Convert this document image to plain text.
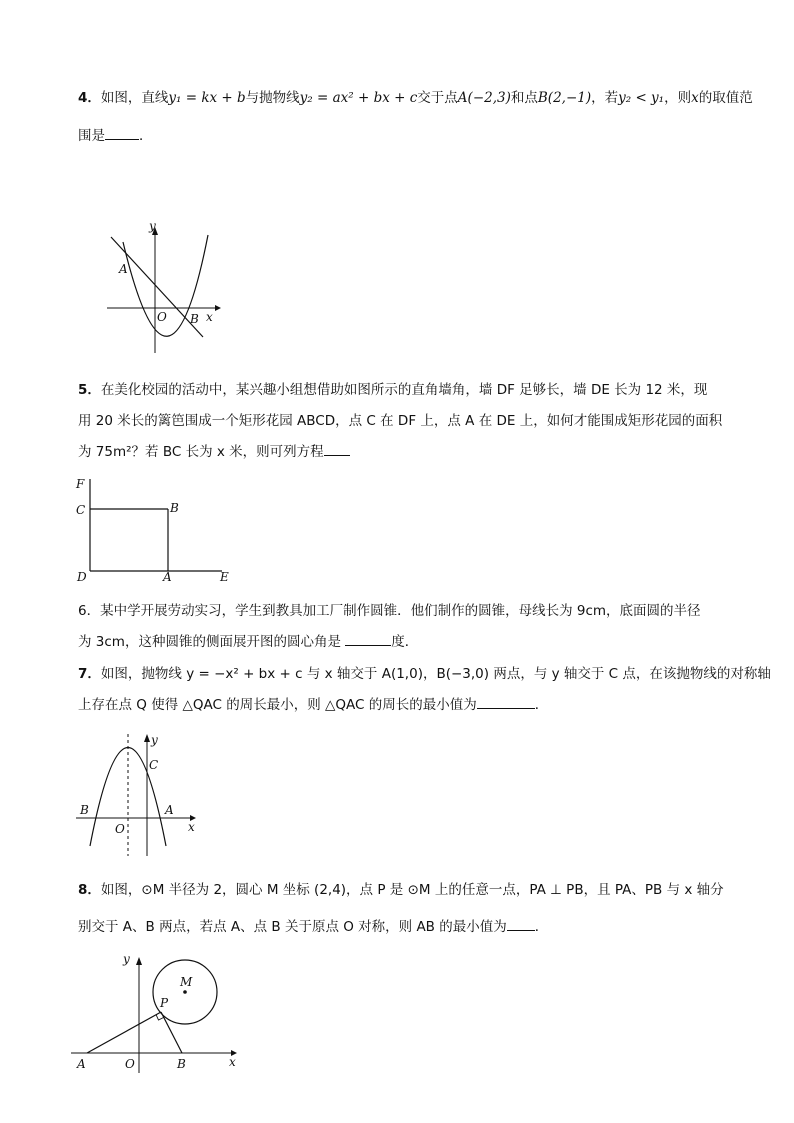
4．如图，直线y₁ = kx + b与抛物线y₂ = ax² + bx + c交于点A(−2,3)和点B(2,−1)，若y₂ < y₁，则x的取值范
围是	．
y
x
A
O B
5．在美化校园的活动中，某兴趣小组想借助如图所示的直角墙角，墙 DF 足够长，墙 DE 长为 12 米，现
用 20 米长的篱笆围成一个矩形花园 ABCD，点 C 在 DF 上，点 A 在 DE 上，如何才能围成矩形花园的面积
为 75m²？若 BC 长为 x 米，则可列方程
F
C	B
D	A	E
6．某中学开展劳动实习，学生到教具加工厂制作圆锥．他们制作的圆锥，母线长为 9cm，底面圆的半径
为 3cm，这种圆锥的侧面展开图的圆心角是	度．
7．如图，抛物线 y = −x² + bx + c 与 x 轴交于 A(1,0)，B(−3,0) 两点，与 y 轴交于 C 点，在该抛物线的对称轴
上存在点 Q 使得 △QAC 的周长最小，则 △QAC 的周长的最小值为	．
y
C
B	A
O	x
8．如图，⊙M 半径为 2，圆心 M 坐标 (2,4)，点 P 是 ⊙M 上的任意一点，PA ⊥ PB，且 PA、PB 与 x 轴分
别交于 A、B 两点，若点 A、点 B 关于原点 O 对称，则 AB 的最小值为 ．
y
M
P
A	O	B	x
